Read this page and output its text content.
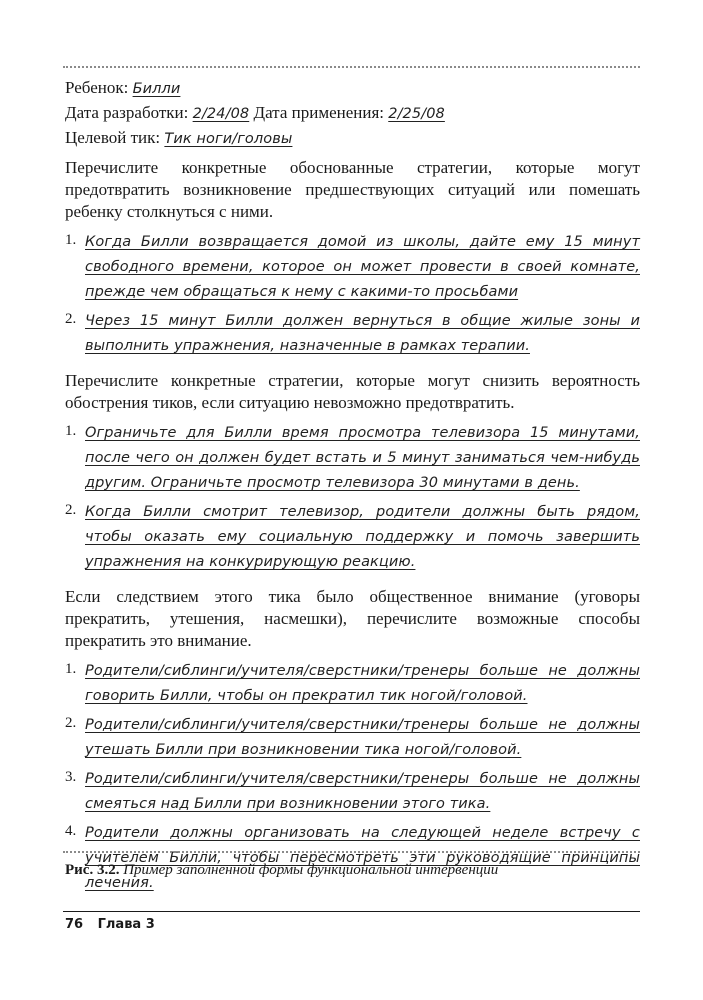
Ребенок: Билли

Дата разработки: 2/24/08 Дата применения: 2/25/08

Целевой тик: Тик ноги/головы

Перечислите конкретные обоснованные стратегии, которые могут предотвратить возникновение предшествующих ситуаций или помешать ребенку столкнуться с ними.

1. Когда Билли возвращается домой из школы, дайте ему 15 минут свободного времени, которое он может провести в своей комнате, прежде чем обращаться к нему с какими-то просьбами
2. Через 15 минут Билли должен вернуться в общие жилые зоны и выполнить упражнения, назначенные в рамках терапии.

Перечислите конкретные стратегии, которые могут снизить вероятность обострения тиков, если ситуацию невозможно предотвратить.

1. Ограничьте для Билли время просмотра телевизора 15 минутами, после чего он должен будет встать и 5 минут заниматься чем-нибудь другим. Ограничьте просмотр телевизора 30 минутами в день.
2. Когда Билли смотрит телевизор, родители должны быть рядом, чтобы оказать ему социальную поддержку и помочь завершить упражнения на конкурирующую реакцию.

Если следствием этого тика было общественное внимание (уговоры прекратить, утешения, насмешки), перечислите возможные способы прекратить это внимание.

1. Родители/сиблинги/учителя/сверстники/тренеры больше не должны говорить Билли, чтобы он прекратил тик ногой/головой.
2. Родители/сиблинги/учителя/сверстники/тренеры больше не должны утешать Билли при возникновении тика ногой/головой.
3. Родители/сиблинги/учителя/сверстники/тренеры больше не должны смеяться над Билли при возникновении этого тика.
4. Родители должны организовать на следующей неделе встречу с учителем Билли, чтобы пересмотреть эти руководящие принципы лечения.

Рис. 3.2. Пример заполненной формы функциональной интервенции

76 Глава 3
